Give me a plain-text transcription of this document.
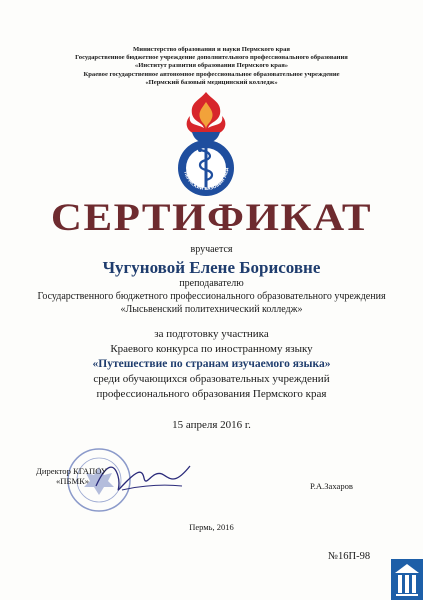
Министерство образования и науки Пермского края
Государственное бюджетное учреждение дополнительного профессионального образования
«Институт развития образования Пермского края»
Краевое государственное автономное профессиональное образовательное учреждение
«Пермский базовый медицинский колледж»
ПЕРМСКИЙ БАЗОВЫЙ МЕД
СЕРТИФИКАТ
вручается
Чугуновой Елене Борисовне
преподавателю
Государственного бюджетного профессионального образовательного учреждения
«Лысьвенский политехнический колледж»
за подготовку участника
Краевого конкурса по иностранному языку
«Путешествие по странам изучаемого языка»
среди обучающихся образовательных учреждений
профессионального образования Пермского края
15 апреля 2016 г.
Директор КГАПОУ
«ПБМК»	Р.А.Захаров
Пермь, 2016
№16П-98
